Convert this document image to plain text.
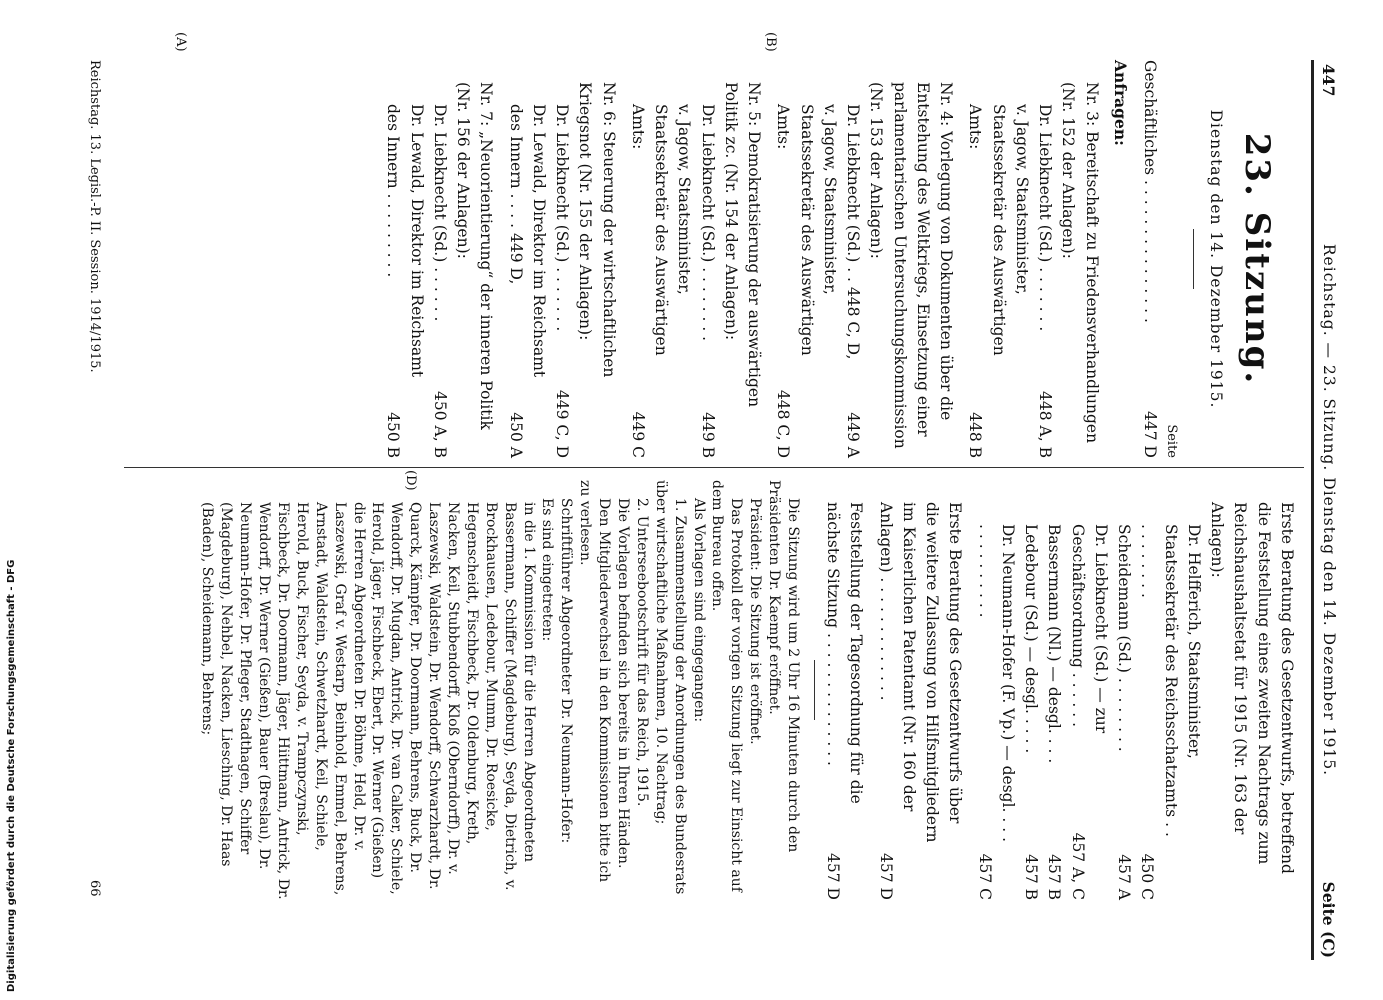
447
Reichstag. — 23. Sitzung. Dienstag den 14. Dezember 1915.
Seite (C)
(A)	(B)
(D)
23. Sitzung.
Dienstag den 14. Dezember 1915.
Seite
Geschäftliches . . . . . . . . . . . . . . .
447 D
Anfragen:
Nr. 3: Bereitschaft zu Friedensverhandlungen (Nr. 152 der Anlagen):
Dr. Liebknecht (Sd.) . . . . . . .
448 A, B
v. Jagow, Staatsminister, Staatssekretär des Auswärtigen Amts:
448 B
Nr. 4: Vorlegung von Dokumenten über die Entstehung des Weltkriegs, Einsetzung einer parlamentarischen Untersuchungskommission (Nr. 153 der Anlagen):
Dr. Liebknecht (Sd.) . . 448 C, D,
449 A
v. Jagow, Staatsminister, Staatssekretär des Auswärtigen Amts:
448 C, D
Nr. 5: Demokratisierung der auswärtigen Politik zc. (Nr. 154 der Anlagen):
Dr. Liebknecht (Sd.) . . . . . . . .
449 B
v. Jagow, Staatsminister, Staatssekretär des Auswärtigen Amts:
449 C
Nr. 6: Steuerung der wirtschaftlichen Kriegsnot (Nr. 155 der Anlagen):
Dr. Liebknecht (Sd.) . . . . . . .
449 C, D
Dr. Lewald, Direktor im Reichsamt des Innern . . . . 449 D,
450 A
Nr. 7: „Neuorientierung“ der inneren Politik (Nr. 156 der Anlagen):
Dr. Liebknecht (Sd.) . . . . . .
450 A, B
Dr. Lewald, Direktor im Reichsamt des Innern . . . . . . . . .
450 B
Erste Beratung des Gesetzentwurfs, betreffend die Feststellung eines zweiten Nachtrags zum Reichshaushaltsetat für 1915 (Nr. 163 der Anlagen):
Dr. Helfferich, Staatsminister, Staatssekretär des Reichsschatzamts . . . . . . . . . .
450 C
Scheidemann (Sd.) . . . . . . . .
457 A
Dr. Liebknecht (Sd.) — zur Geschäftsordnung . . . . . .
457 A, C
Bassermann (Nl.) — desgl. . . .
457 B
Ledebour (Sd.) — desgl. . . . .
457 B
Dr. Neumann-Hofer (F. Vp.) — desgl. . . . . . . . . . . . . .
457 C
Erste Beratung des Gesetzentwurfs über die weitere Zulassung von Hilfsmitgliedern im Kaiserlichen Patentamt (Nr. 160 der Anlagen) . . . . . . . . . . . . .
457 D
Feststellung der Tagesordnung für die nächste Sitzung . . . . . . . . . . . . . .
457 D
Die Sitzung wird um 2 Uhr 16 Minuten durch den Präsidenten Dr. Kaempf eröffnet.
Präsident: Die Sitzung ist eröffnet.
Das Protokoll der vorigen Sitzung liegt zur Einsicht auf dem Bureau offen.
Als Vorlagen sind eingegangen:
1. Zusammenstellung der Anordnungen des Bundesrats über wirtschaftliche Maßnahmen, 10. Nachtrag;
2. Unterseebootschrift für das Reich, 1915.
Die Vorlagen befinden sich bereits in Ihren Händen.
Den Mitgliederwechsel in den Kommissionen bitte ich zu verlesen.
Schriftführer Abgeordneter Dr. Neumann-Hofer:
Es sind eingetreten:
in die 1. Kommission für die Herren Abgeordneten Bassermann, Schiffer (Magdeburg), Seyda, Dietrich, v. Brockhausen, Ledebour, Mumm, Dr. Roesicke, Hegenscheidt, Fischbeck, Dr. Oldenburg, Kreth, Nacken, Keil, Stubbendorff, Kloß (Oberndorff), Dr. v. Laszewski, Waldstein, Dr. Wendorff, Schwarzhardt, Dr. Quarck, Kämpfer, Dr. Doormann, Behrens, Buck, Dr. Wendorff, Dr. Mugdan, Antrick, Dr. van Calker, Schiele, Herold, Jäger, Fischbeck, Ebert, Dr. Werner (Gießen)
die Herren Abgeordneten Dr. Böhme, Held, Dr. v. Laszewski, Graf v. Westarp, Beinhold, Emmel, Behrens, Arnstadt, Waldstein, Schwetzhardt, Keil, Schiele, Herold, Buck, Fischer, Seyda, v. Trampczynski, Fischbeck, Dr. Doormann, Jäger, Hiittmann, Antrick, Dr. Wendorff, Dr. Werner (Gießen), Bauer (Breslau), Dr. Neumann-Hofer, Dr. Pfleger, Stadthagen, Schiffer (Magdeburg), Nehbel, Nacken, Liesching, Dr. Haas (Baden), Scheidemann, Behrens;
Reichstag. 13. Legisl.-P. II. Session. 1914/1915.
66
Digitalisierung gefördert durch die Deutsche Forschungsgemeinschaft - DFG
